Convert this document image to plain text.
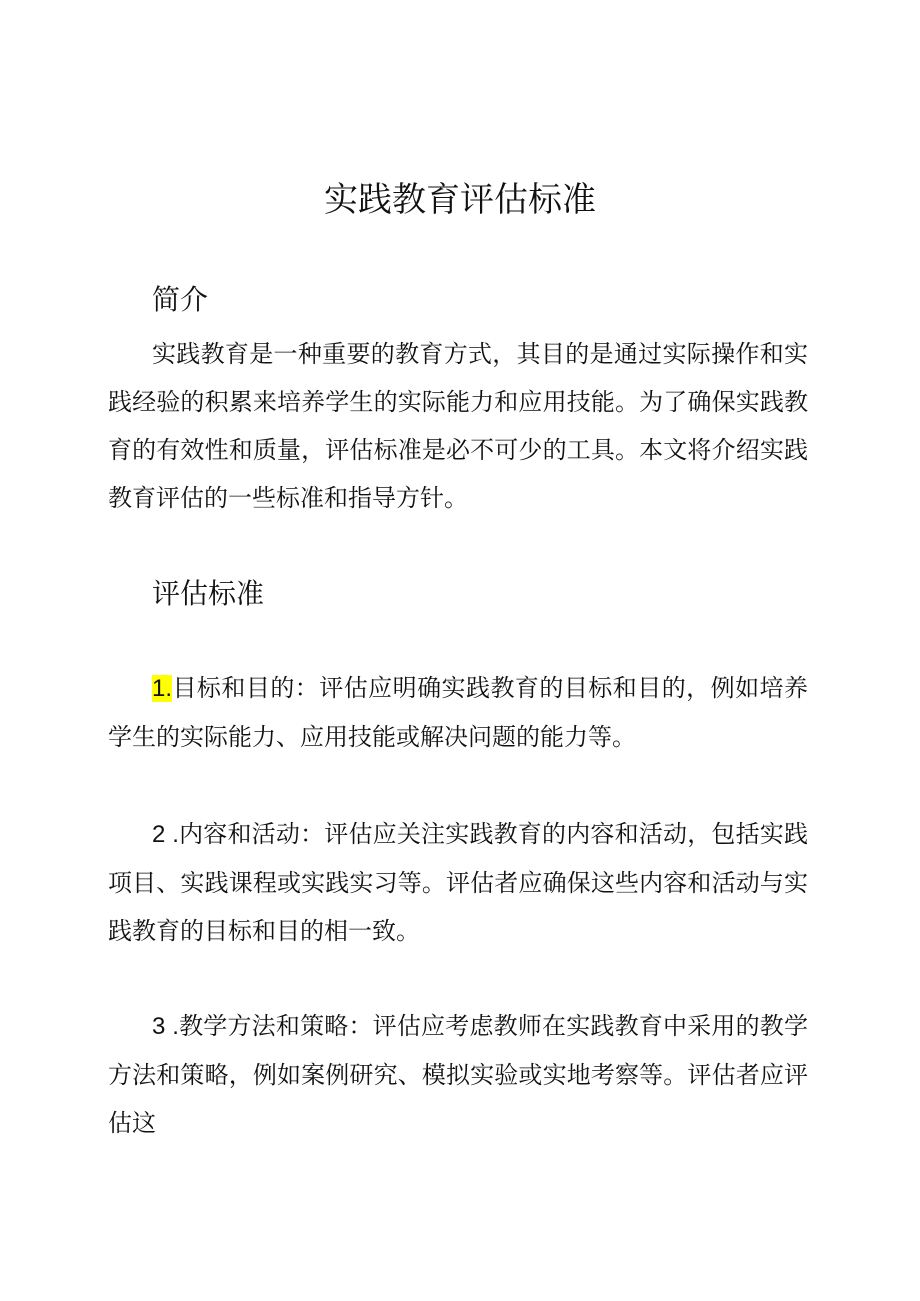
实践教育评估标准
简介

实践教育是一种重要的教育方式，其目的是通过实际操作和实践经验的积累来培养学生的实际能力和应用技能。为了确保实践教育的有效性和质量，评估标准是必不可少的工具。本文将介绍实践教育评估的一些标准和指导方针。

评估标准

1.目标和目的：评估应明确实践教育的目标和目的，例如培养学生的实际能力、应用技能或解决问题的能力等。

2 .内容和活动：评估应关注实践教育的内容和活动，包括实践项目、实践课程或实践实习等。评估者应确保这些内容和活动与实践教育的目标和目的相一致。

3 .教学方法和策略：评估应考虑教师在实践教育中采用的教学方法和策略，例如案例研究、模拟实验或实地考察等。评估者应评估这
